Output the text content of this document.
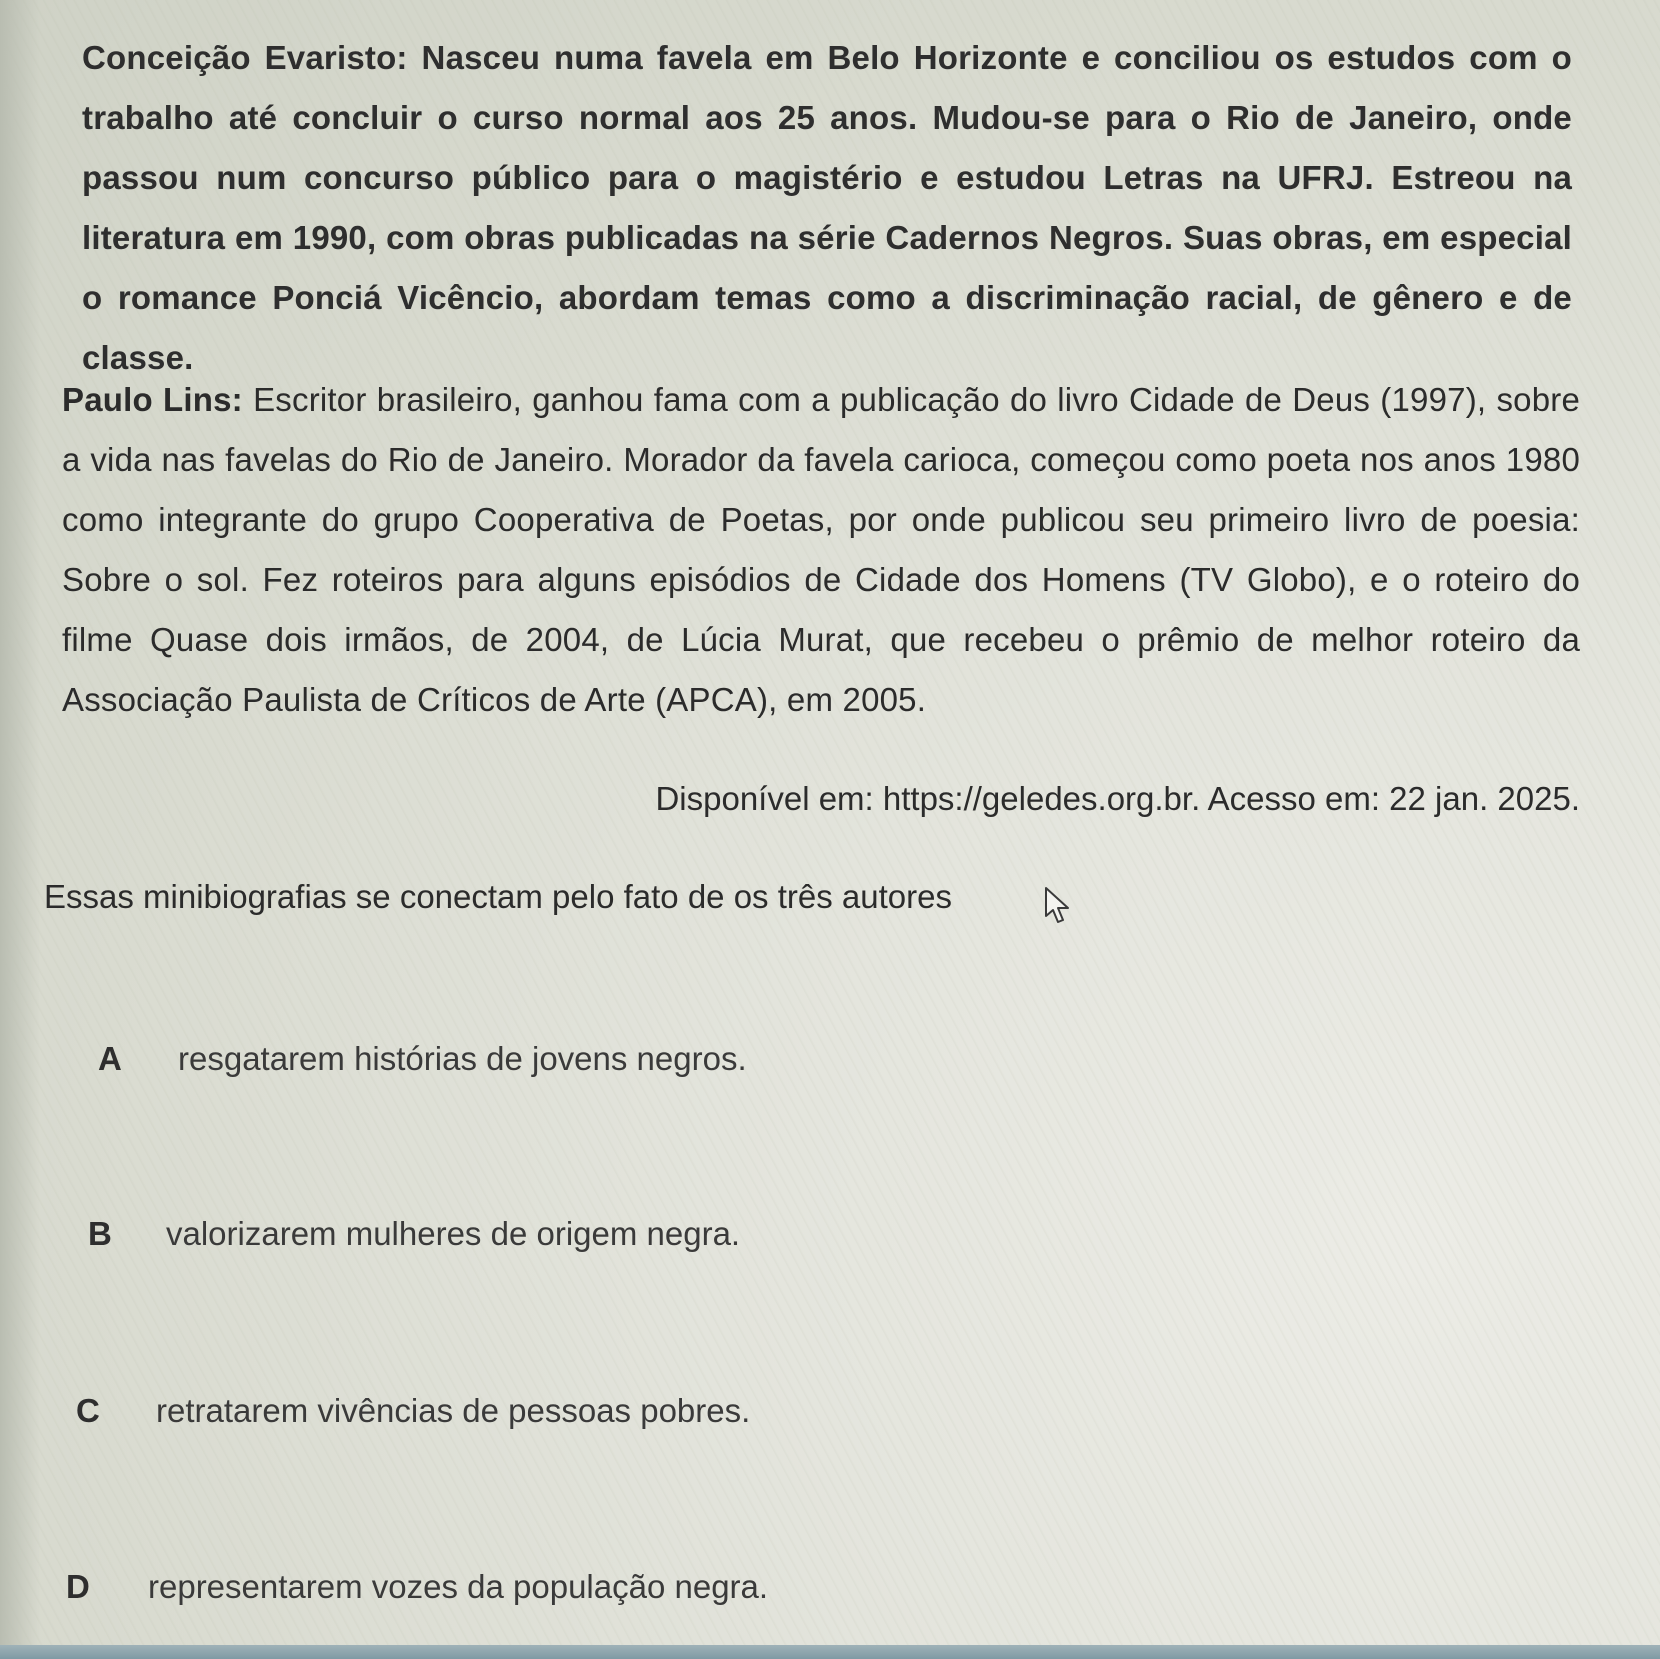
Conceição Evaristo: Nasceu numa favela em Belo Horizonte e conciliou os estudos com o trabalho até concluir o curso normal aos 25 anos. Mudou-se para o Rio de Janeiro, onde passou num concurso público para o magistério e estudou Letras na UFRJ. Estreou na literatura em 1990, com obras publicadas na série Cadernos Negros. Suas obras, em especial o romance Ponciá Vicêncio, abordam temas como a discriminação racial, de gênero e de classe.

Paulo Lins: Escritor brasileiro, ganhou fama com a publicação do livro Cidade de Deus (1997), sobre a vida nas favelas do Rio de Janeiro. Morador da favela carioca, começou como poeta nos anos 1980 como integrante do grupo Cooperativa de Poetas, por onde publicou seu primeiro livro de poesia: Sobre o sol. Fez roteiros para alguns episódios de Cidade dos Homens (TV Globo), e o roteiro do filme Quase dois irmãos, de 2004, de Lúcia Murat, que recebeu o prêmio de melhor roteiro da Associação Paulista de Críticos de Arte (APCA), em 2005.

Disponível em: https://geledes.org.br. Acesso em: 22 jan. 2025.
Essas minibiografias se conectam pelo fato de os três autores
A	resgatarem histórias de jovens negros.
B	valorizarem mulheres de origem negra.
C	retratarem vivências de pessoas pobres.
D	representarem vozes da população negra.
